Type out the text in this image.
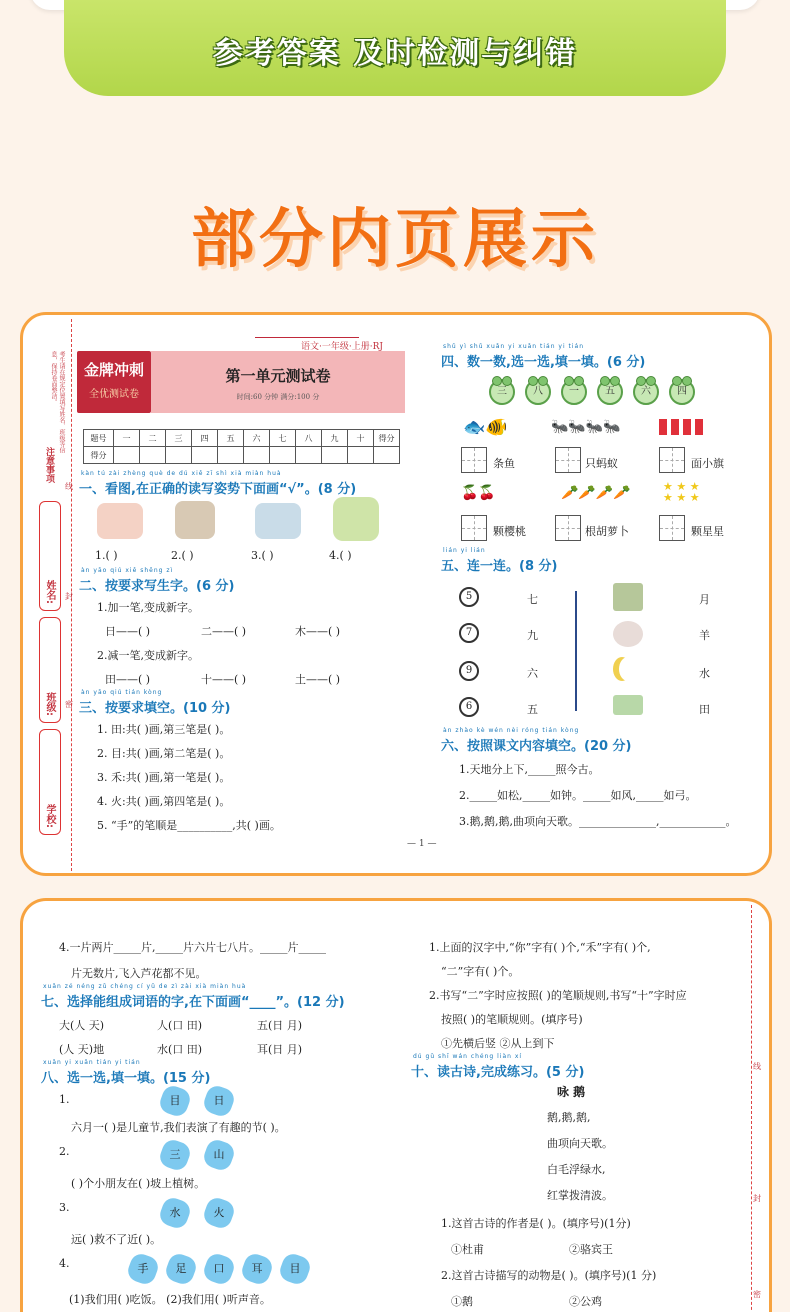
参考答案 及时检测与纠错
部分内页展示
考生请在规定位置填写姓名、班级等信息，保持卷面整洁。
注意事项
姓名:
班级:
学校:
线
封
密
金牌冲刺
全优测试卷
第一单元测试卷
时间:60 分钟 满分:100 分
语文·一年级·上册·RJ
题号	一	二	三	四	五	六	七	八	九	十	得分
得分											
kàn tú zài zhèng què de dú xiě zī shì xià miàn huà
一、看图,在正确的读写姿势下面画“√”。(8 分)
1.( )	2.( )	3.( )	4.( )
àn yāo qiú xiě shēng zì
二、按要求写生字。(6 分)
1.加一笔,变成新字。
日——( )	二——( )	木——( )
2.减一笔,变成新字。
田——( )	十——( )	土——( )
àn yāo qiú tián kòng
三、按要求填空。(10 分)
1. 田:共( )画,第三笔是( )。
2. 目:共( )画,第二笔是( )。
3. 禾:共( )画,第一笔是( )。
4. 火:共( )画,第四笔是( )。
5. “手”的笔顺是__________,共( )画。
shǔ yì shǔ xuǎn yi xuǎn tián yi tián
四、数一数,选一选,填一填。(6 分)
三	八	一	五	六	四
🐟🐠	🐜🐜🐜🐜
条鱼	只蚂蚁	面小旗
🍒🍒	🥕🥕🥕🥕	★ ★ ★
★ ★ ★
颗樱桃	根胡萝卜	颗星星
lián yi lián
五、连一连。(8 分)
5
7
9
6
七
九
六
五
月
羊
水
田
àn zhào kè wén nèi róng tián kòng
六、按照课文内容填空。(20 分)
1.天地分上下,_____照今古。
2._____如松,_____如钟。_____如风,_____如弓。
3.鹅,鹅,鹅,曲项向天歌。______________,____________。
— 1 —
4.一片两片_____片,_____片六片七八片。_____片_____
片无数片,飞入芦花都不见。
xuǎn zé néng zǔ chéng cí yǔ de zì zài xià miàn huà
七、选择能组成词语的字,在下面画“____”。(12 分)
大(人 天)	人(口 田)	五(日 月)
(人 天)地	水(口 田)	耳(日 月)
xuǎn yi xuǎn tián yi tián
八、选一选,填一填。(15 分)
1.	目	日
六月一( )是儿童节,我们表演了有趣的节( )。
2.	三	山
( )个小朋友在( )坡上植树。
3.	水	火
远( )救不了近( )。
4.	手	足	口	耳	目
(1)我们用( )吃饭。 (2)我们用( )听声音。
1.上面的汉字中,“你”字有( )个,“禾”字有( )个,
“二”字有( )个。
2.书写“二”字时应按照( )的笔顺规则,书写“十”字时应
按照( )的笔顺规则。(填序号)
①先横后竖 ②从上到下
dú gǔ shī wán chéng liàn xí
十、读古诗,完成练习。(5 分)
咏 鹅
鹅,鹅,鹅,
曲项向天歌。
白毛浮绿水,
红掌拨清波。
1.这首古诗的作者是( )。(填序号)(1分)
①杜甫	②骆宾王
2.这首古诗描写的动物是( )。(填序号)(1 分)
①鹅	②公鸡
线
封
密
